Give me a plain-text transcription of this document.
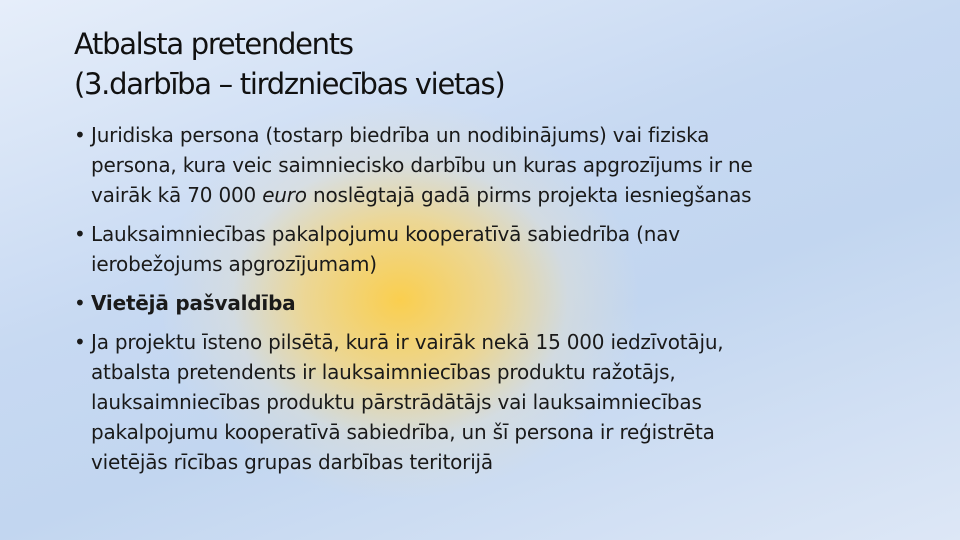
Atbalsta pretendents
(3.darbība – tirdzniecības vietas)
• Juridiska persona (tostarp biedrība un nodibinājums) vai fiziska
persona, kura veic saimniecisko darbību un kuras apgrozījums ir ne
vairāk kā 70 000 euro noslēgtajā gadā pirms projekta iesniegšanas
• Lauksaimniecības pakalpojumu kooperatīvā sabiedrība (nav
ierobežojums apgrozījumam)
• Vietējā pašvaldība
• Ja projektu īsteno pilsētā, kurā ir vairāk nekā 15 000 iedzīvotāju,
atbalsta pretendents ir lauksaimniecības produktu ražotājs,
lauksaimniecības produktu pārstrādātājs vai lauksaimniecības
pakalpojumu kooperatīvā sabiedrība, un šī persona ir reģistrēta
vietējās rīcības grupas darbības teritorijā
